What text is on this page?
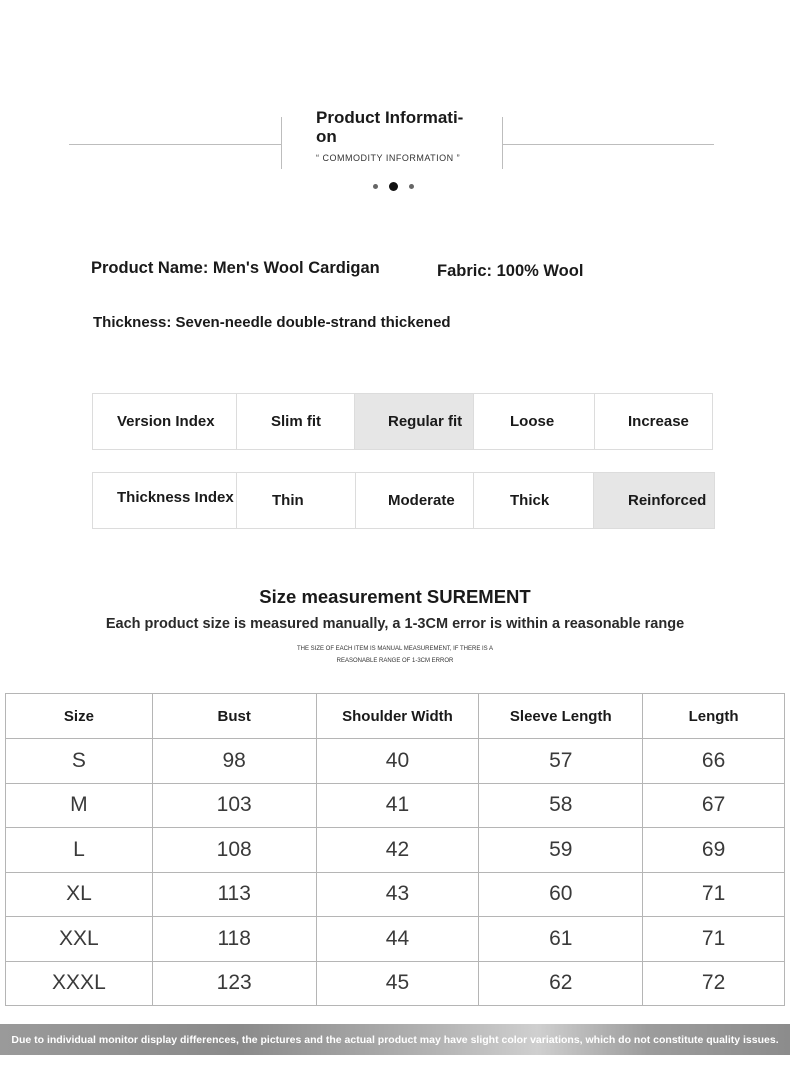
Product Informati-on
“ COMMODITY INFORMATION ”
Product Name: Men's Wool Cardigan	Fabric: 100% Wool
Thickness: Seven-needle double-strand thickened
Version Index	Slim fit	Regular fit	Loose	Increase
Thickness Index	Thin	Moderate	Thick	Reinforced
Size measurement SUREMENT
Each product size is measured manually, a 1-3CM error is within a reasonable range
THE SIZE OF EACH ITEM IS MANUAL MEASUREMENT, IF THERE IS A
REASONABLE RANGE OF 1-3CM ERROR
Size	Bust	Shoulder Width	Sleeve Length	Length
S	98	40	57	66
M	103	41	58	67
L	108	42	59	69
XL	113	43	60	71
XXL	118	44	61	71
XXXL	123	45	62	72
Due to individual monitor display differences, the pictures and the actual product may have slight color variations, which do not constitute quality issues.
